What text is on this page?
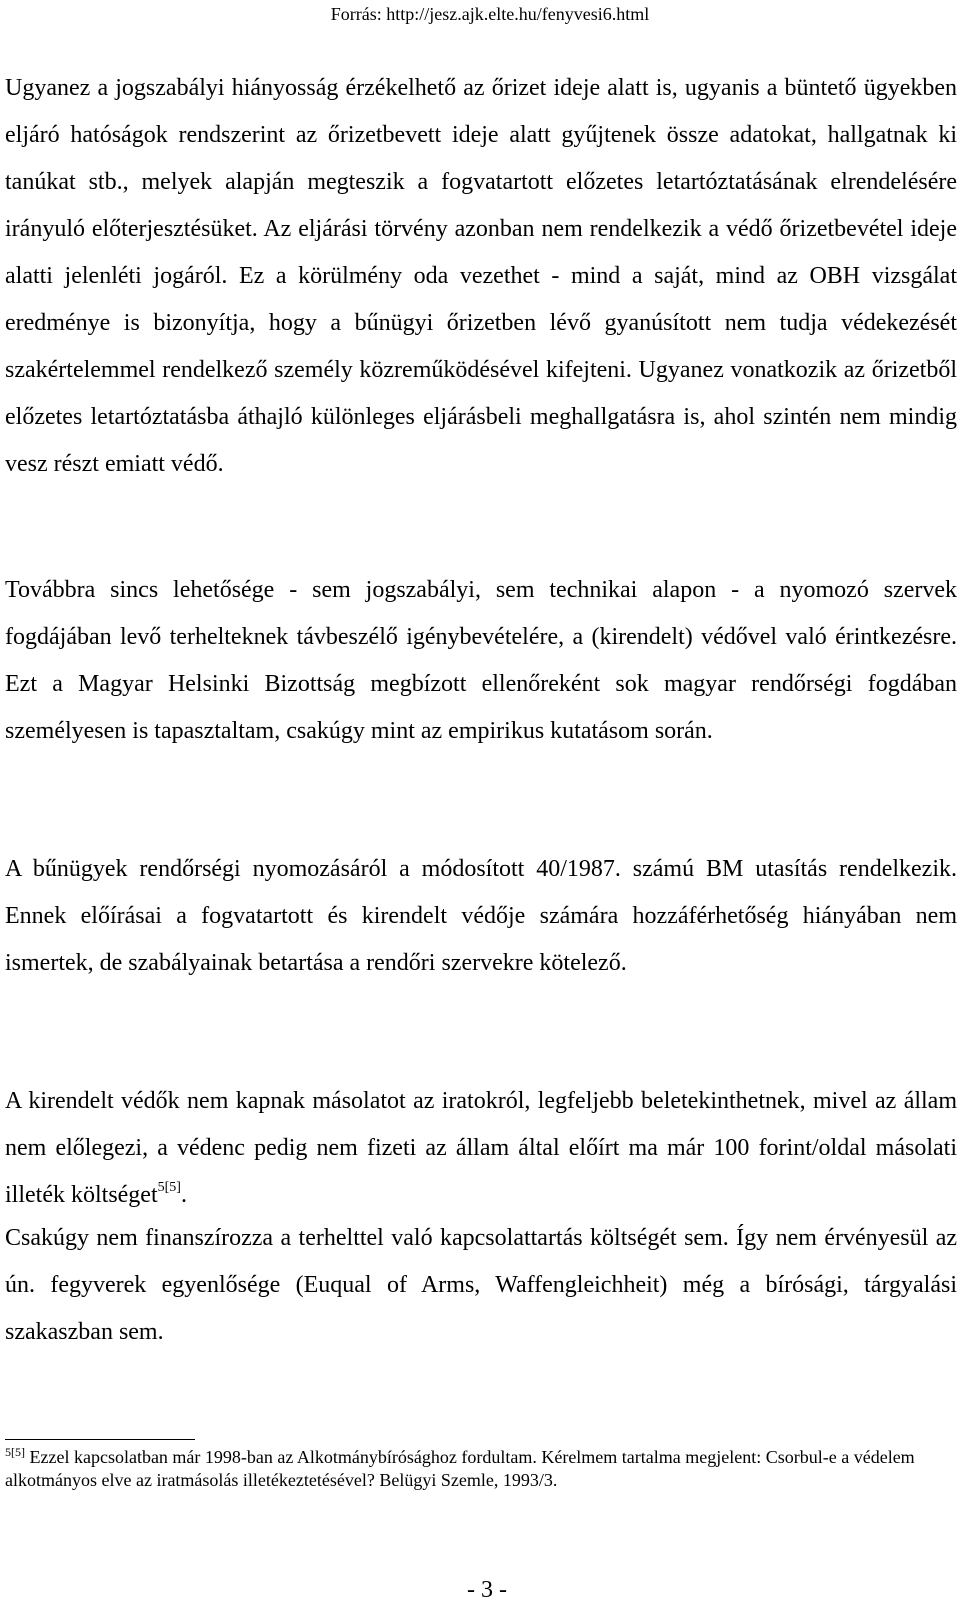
Forrás: http://jesz.ajk.elte.hu/fenyvesi6.html

Ugyanez a jogszabályi hiányosság érzékelhető az őrizet ideje alatt is, ugyanis a büntető ügyekben eljáró hatóságok rendszerint az őrizetbevett ideje alatt gyűjtenek össze adatokat, hallgatnak ki tanúkat stb., melyek alapján megteszik a fogvatartott előzetes letartóztatásának elrendelésére irányuló előterjesztésüket. Az eljárási törvény azonban nem rendelkezik a védő őrizetbevétel ideje alatti jelenléti jogáról. Ez a körülmény oda vezethet - mind a saját, mind az OBH vizsgálat eredménye is bizonyítja, hogy a bűnügyi őrizetben lévő gyanúsított nem tudja védekezését szakértelemmel rendelkező személy közreműködésével kifejteni. Ugyanez vonatkozik az őrizetből előzetes letartóztatásba áthajló különleges eljárásbeli meghallgatásra is, ahol szintén nem mindig vesz részt emiatt védő.

Továbbra sincs lehetősége - sem jogszabályi, sem technikai alapon - a nyomozó szervek fogdájában levő terhelteknek távbeszélő igénybevételére, a (kirendelt) védővel való érintkezésre. Ezt a Magyar Helsinki Bizottság megbízott ellenőreként sok magyar rendőrségi fogdában személyesen is tapasztaltam, csakúgy mint az empirikus kutatásom során.

A bűnügyek rendőrségi nyomozásáról a módosított 40/1987. számú BM utasítás rendelkezik. Ennek előírásai a fogvatartott és kirendelt védője számára hozzáférhetőség hiányában nem ismertek, de szabályainak betartása a rendőri szervekre kötelező.

A kirendelt védők nem kapnak másolatot az iratokról, legfeljebb beletekinthetnek, mivel az állam nem előlegezi, a védenc pedig nem fizeti az állam által előírt ma már 100 forint/oldal másolati illeték költséget$^{5[5]}$.

Csakúgy nem finanszírozza a terhelttel való kapcsolattartás költségét sem. Így nem érvényesül az ún. fegyverek egyenlősége (Euqual of Arms, Waffengleichheit) még a bírósági, tárgyalási szakaszban sem.

$^{5[5]}$ Ezzel kapcsolatban már 1998-ban az Alkotmánybírósághoz fordultam. Kérelmem tartalma megjelent: Csorbul-e a védelem alkotmányos elve az iratmásolás illetékeztetésével? Belügyi Szemle, 1993/3.

- 3 -
